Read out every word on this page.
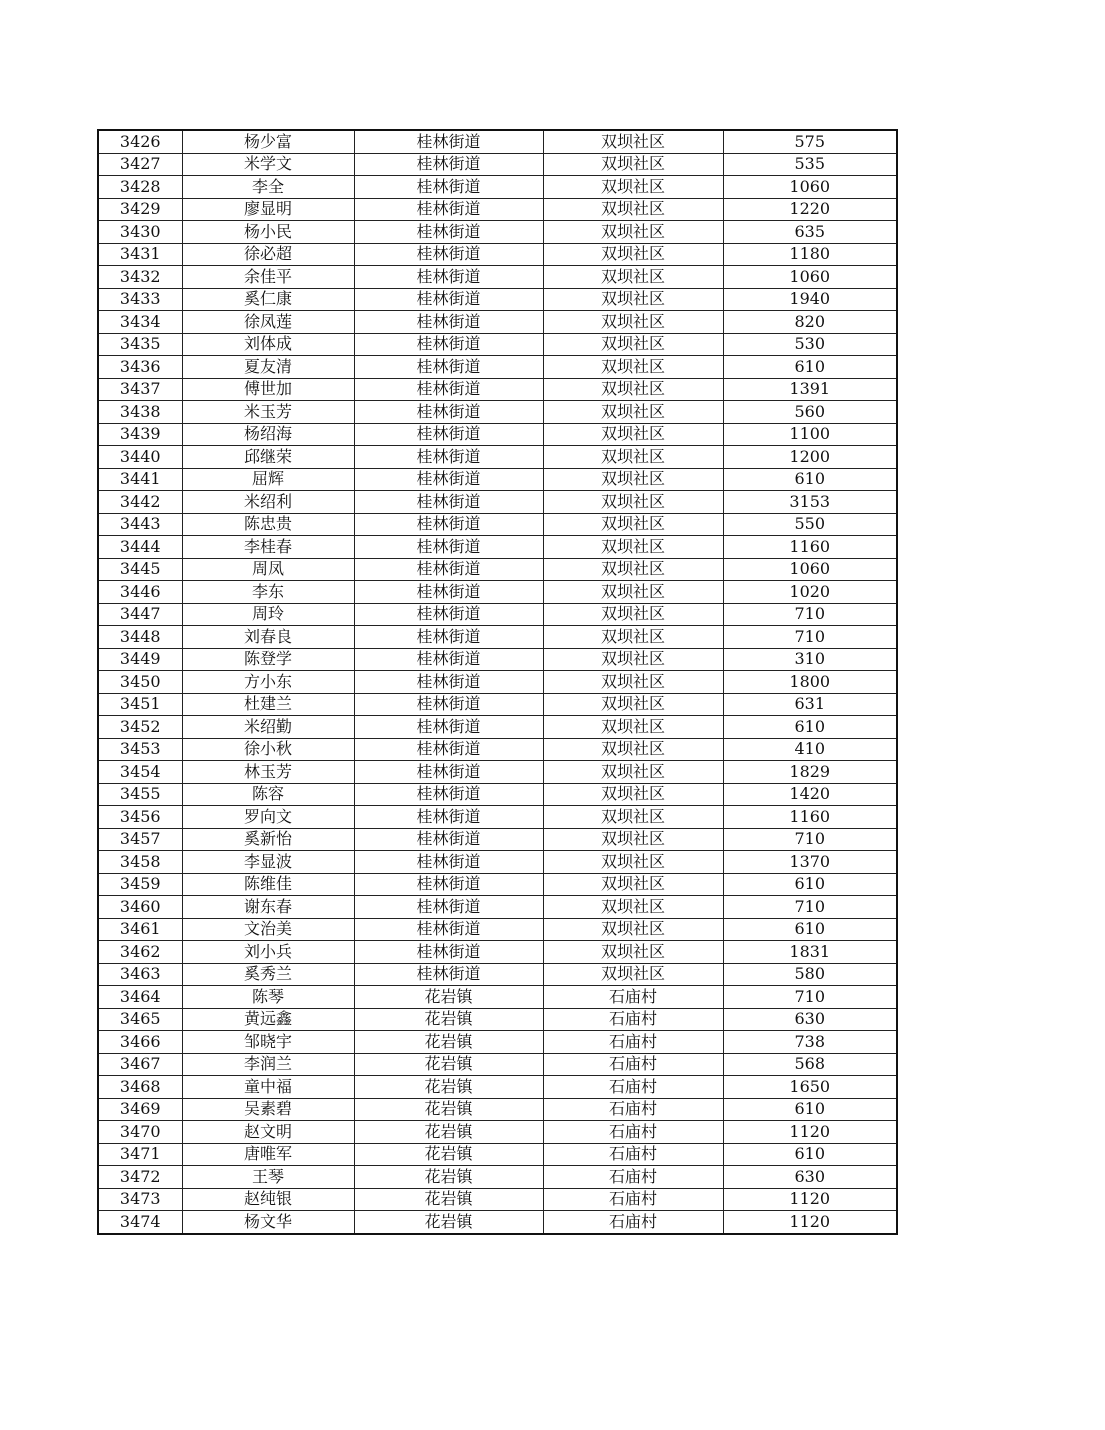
3426	杨少富	桂林街道	双坝社区	575
3427	米学文	桂林街道	双坝社区	535
3428	李全	桂林街道	双坝社区	1060
3429	廖显明	桂林街道	双坝社区	1220
3430	杨小民	桂林街道	双坝社区	635
3431	徐必超	桂林街道	双坝社区	1180
3432	余佳平	桂林街道	双坝社区	1060
3433	奚仁康	桂林街道	双坝社区	1940
3434	徐凤莲	桂林街道	双坝社区	820
3435	刘体成	桂林街道	双坝社区	530
3436	夏友清	桂林街道	双坝社区	610
3437	傅世加	桂林街道	双坝社区	1391
3438	米玉芳	桂林街道	双坝社区	560
3439	杨绍海	桂林街道	双坝社区	1100
3440	邱继荣	桂林街道	双坝社区	1200
3441	屈辉	桂林街道	双坝社区	610
3442	米绍利	桂林街道	双坝社区	3153
3443	陈忠贵	桂林街道	双坝社区	550
3444	李桂春	桂林街道	双坝社区	1160
3445	周凤	桂林街道	双坝社区	1060
3446	李东	桂林街道	双坝社区	1020
3447	周玲	桂林街道	双坝社区	710
3448	刘春良	桂林街道	双坝社区	710
3449	陈登学	桂林街道	双坝社区	310
3450	方小东	桂林街道	双坝社区	1800
3451	杜建兰	桂林街道	双坝社区	631
3452	米绍勤	桂林街道	双坝社区	610
3453	徐小秋	桂林街道	双坝社区	410
3454	林玉芳	桂林街道	双坝社区	1829
3455	陈容	桂林街道	双坝社区	1420
3456	罗向文	桂林街道	双坝社区	1160
3457	奚新怡	桂林街道	双坝社区	710
3458	李显波	桂林街道	双坝社区	1370
3459	陈维佳	桂林街道	双坝社区	610
3460	谢东春	桂林街道	双坝社区	710
3461	文治美	桂林街道	双坝社区	610
3462	刘小兵	桂林街道	双坝社区	1831
3463	奚秀兰	桂林街道	双坝社区	580
3464	陈琴	花岩镇	石庙村	710
3465	黄远鑫	花岩镇	石庙村	630
3466	邹晓宇	花岩镇	石庙村	738
3467	李润兰	花岩镇	石庙村	568
3468	童中福	花岩镇	石庙村	1650
3469	吴素碧	花岩镇	石庙村	610
3470	赵文明	花岩镇	石庙村	1120
3471	唐唯军	花岩镇	石庙村	610
3472	王琴	花岩镇	石庙村	630
3473	赵纯银	花岩镇	石庙村	1120
3474	杨文华	花岩镇	石庙村	1120
